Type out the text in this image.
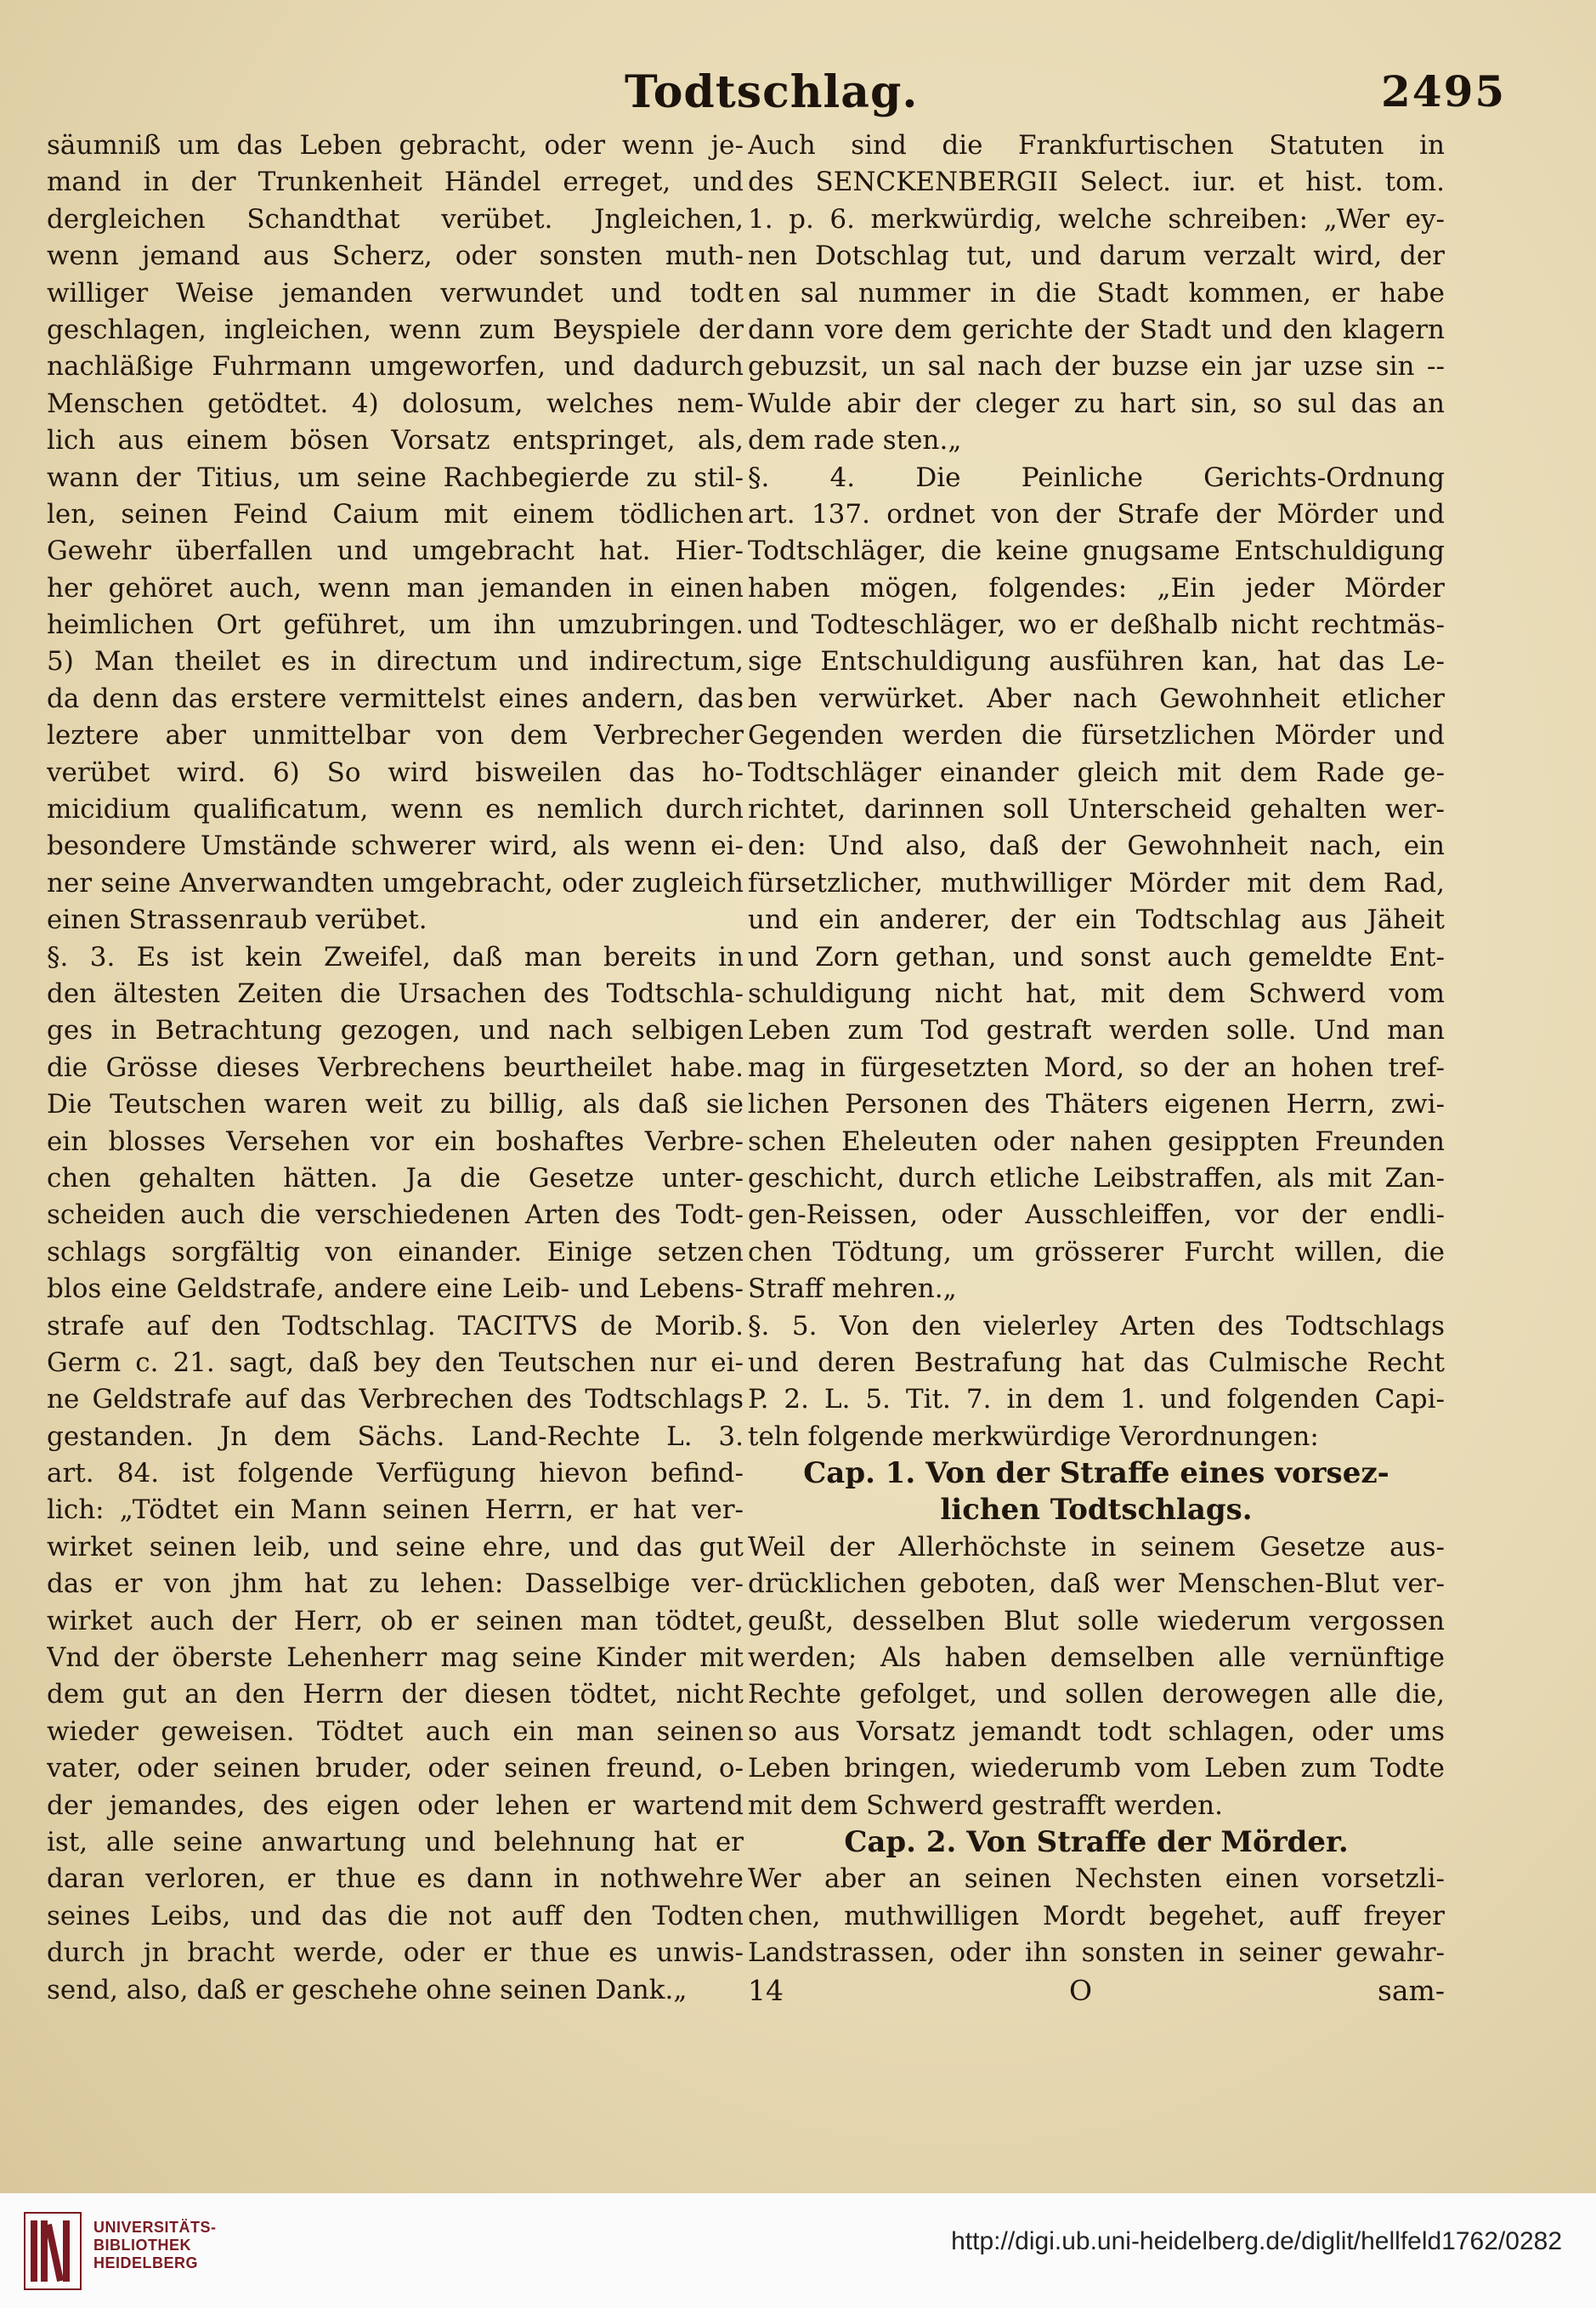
Todtschlag.	2495
säumniß um das Leben gebracht, oder wenn je-
mand in der Trunkenheit Händel erreget, und
dergleichen Schandthat verübet. Jngleichen,
wenn jemand aus Scherz, oder sonsten muth-
williger Weise jemanden verwundet und todt
geschlagen, ingleichen, wenn zum Beyspiele der
nachläßige Fuhrmann umgeworfen, und dadurch
Menschen getödtet. 4) dolosum, welches nem-
lich aus einem bösen Vorsatz entspringet, als,
wann der Titius, um seine Rachbegierde zu stil-
len, seinen Feind Caium mit einem tödlichen
Gewehr überfallen und umgebracht hat. Hier-
her gehöret auch, wenn man jemanden in einen
heimlichen Ort geführet, um ihn umzubringen.
5) Man theilet es in directum und indirectum,
da denn das erstere vermittelst eines andern, das
leztere aber unmittelbar von dem Verbrecher
verübet wird. 6) So wird bisweilen das ho-
micidium qualificatum, wenn es nemlich durch
besondere Umstände schwerer wird, als wenn ei-
ner seine Anverwandten umgebracht, oder zugleich
einen Strassenraub verübet.
§. 3. Es ist kein Zweifel, daß man bereits in
den ältesten Zeiten die Ursachen des Todtschla-
ges in Betrachtung gezogen, und nach selbigen
die Grösse dieses Verbrechens beurtheilet habe.
Die Teutschen waren weit zu billig, als daß sie
ein blosses Versehen vor ein boshaftes Verbre-
chen gehalten hätten. Ja die Gesetze unter-
scheiden auch die verschiedenen Arten des Todt-
schlags sorgfältig von einander. Einige setzen
blos eine Geldstrafe, andere eine Leib- und Lebens-
strafe auf den Todtschlag. TACITVS de Morib.
Germ c. 21. sagt, daß bey den Teutschen nur ei-
ne Geldstrafe auf das Verbrechen des Todtschlags
gestanden. Jn dem Sächs. Land-Rechte L. 3.
art. 84. ist folgende Verfügung hievon befind-
lich: „Tödtet ein Mann seinen Herrn, er hat ver-
wirket seinen leib, und seine ehre, und das gut
das er von jhm hat zu lehen: Dasselbige ver-
wirket auch der Herr, ob er seinen man tödtet,
Vnd der öberste Lehenherr mag seine Kinder mit
dem gut an den Herrn der diesen tödtet, nicht
wieder geweisen. Tödtet auch ein man seinen
vater, oder seinen bruder, oder seinen freund, o-
der jemandes, des eigen oder lehen er wartend
ist, alle seine anwartung und belehnung hat er
daran verloren, er thue es dann in nothwehre
seines Leibs, und das die not auff den Todten
durch jn bracht werde, oder er thue es unwis-
send, also, daß er geschehe ohne seinen Dank.„
Auch sind die Frankfurtischen Statuten in
des SENCKENBERGII Select. iur. et hist. tom.
1. p. 6. merkwürdig, welche schreiben: „Wer ey-
nen Dotschlag tut, und darum verzalt wird, der
en sal nummer in die Stadt kommen, er habe
dann vore dem gerichte der Stadt und den klagern
gebuzsit, un sal nach der buzse ein jar uzse sin --
Wulde abir der cleger zu hart sin, so sul das an
dem rade sten.„
§. 4. Die Peinliche Gerichts-Ordnung
art. 137. ordnet von der Strafe der Mörder und
Todtschläger, die keine gnugsame Entschuldigung
haben mögen, folgendes: „Ein jeder Mörder
und Todteschläger, wo er deßhalb nicht rechtmäs-
sige Entschuldigung ausführen kan, hat das Le-
ben verwürket. Aber nach Gewohnheit etlicher
Gegenden werden die fürsetzlichen Mörder und
Todtschläger einander gleich mit dem Rade ge-
richtet, darinnen soll Unterscheid gehalten wer-
den: Und also, daß der Gewohnheit nach, ein
fürsetzlicher, muthwilliger Mörder mit dem Rad,
und ein anderer, der ein Todtschlag aus Jäheit
und Zorn gethan, und sonst auch gemeldte Ent-
schuldigung nicht hat, mit dem Schwerd vom
Leben zum Tod gestraft werden solle. Und man
mag in fürgesetzten Mord, so der an hohen tref-
lichen Personen des Thäters eigenen Herrn, zwi-
schen Eheleuten oder nahen gesippten Freunden
geschicht, durch etliche Leibstraffen, als mit Zan-
gen-Reissen, oder Ausschleiffen, vor der endli-
chen Tödtung, um grösserer Furcht willen, die
Straff mehren.„
§. 5. Von den vielerley Arten des Todtschlags
und deren Bestrafung hat das Culmische Recht
P. 2. L. 5. Tit. 7. in dem 1. und folgenden Capi-
teln folgende merkwürdige Verordnungen:
Cap. 1. Von der Straffe eines vorsez-
lichen Todtschlags.
Weil der Allerhöchste in seinem Gesetze aus-
drücklichen geboten, daß wer Menschen-Blut ver-
geußt, desselben Blut solle wiederum vergossen
werden; Als haben demselben alle vernünftige
Rechte gefolget, und sollen derowegen alle die,
so aus Vorsatz jemandt todt schlagen, oder ums
Leben bringen, wiederumb vom Leben zum Todte
mit dem Schwerd gestrafft werden.
Cap. 2. Von Straffe der Mörder.
Wer aber an seinen Nechsten einen vorsetzli-
chen, muthwilligen Mordt begehet, auff freyer
Landstrassen, oder ihn sonsten in seiner gewahr-
14 O sam-
UNIVERSITÄTS-
BIBLIOTHEK
HEIDELBERG
http://digi.ub.uni-heidelberg.de/diglit/hellfeld1762/0282
